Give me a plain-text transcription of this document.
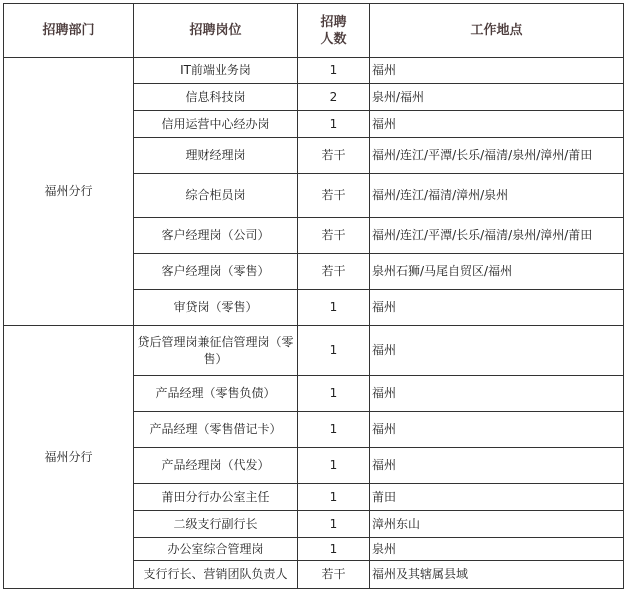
招聘部门	招聘岗位	招聘人数	工作地点
福州分行	IT前端业务岗	1	福州
	信息科技岗	2	泉州/福州
	信用运营中心经办岗	1	福州
	理财经理岗	若干	福州/连江/平潭/长乐/福清/泉州/漳州/莆田
	综合柜员岗	若干	福州/连江/福清/漳州/泉州
	客户经理岗（公司）	若干	福州/连江/平潭/长乐/福清/泉州/漳州/莆田
	客户经理岗（零售）	若干	泉州石狮/马尾自贸区/福州
	审贷岗（零售）	1	福州
福州分行	贷后管理岗兼征信管理岗（零售）	1	福州
	产品经理（零售负债）	1	福州
	产品经理（零售借记卡）	1	福州
	产品经理岗（代发）	1	福州
	莆田分行办公室主任	1	莆田
	二级支行副行长	1	漳州东山
	办公室综合管理岗	1	泉州
	支行行长、营销团队负责人	若干	福州及其辖属县域
